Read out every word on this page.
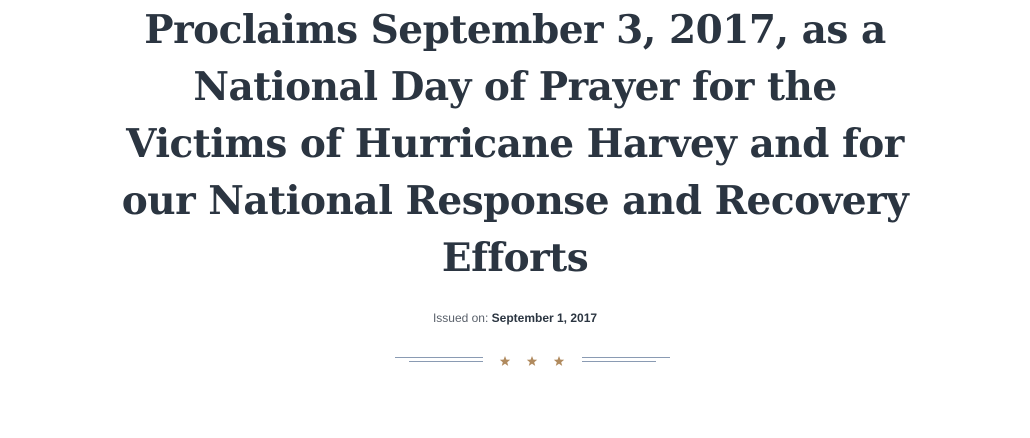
Proclaims September 3, 2017, as a National Day of Prayer for the Victims of Hurricane Harvey and for our National Response and Recovery Efforts
Issued on: September 1, 2017
